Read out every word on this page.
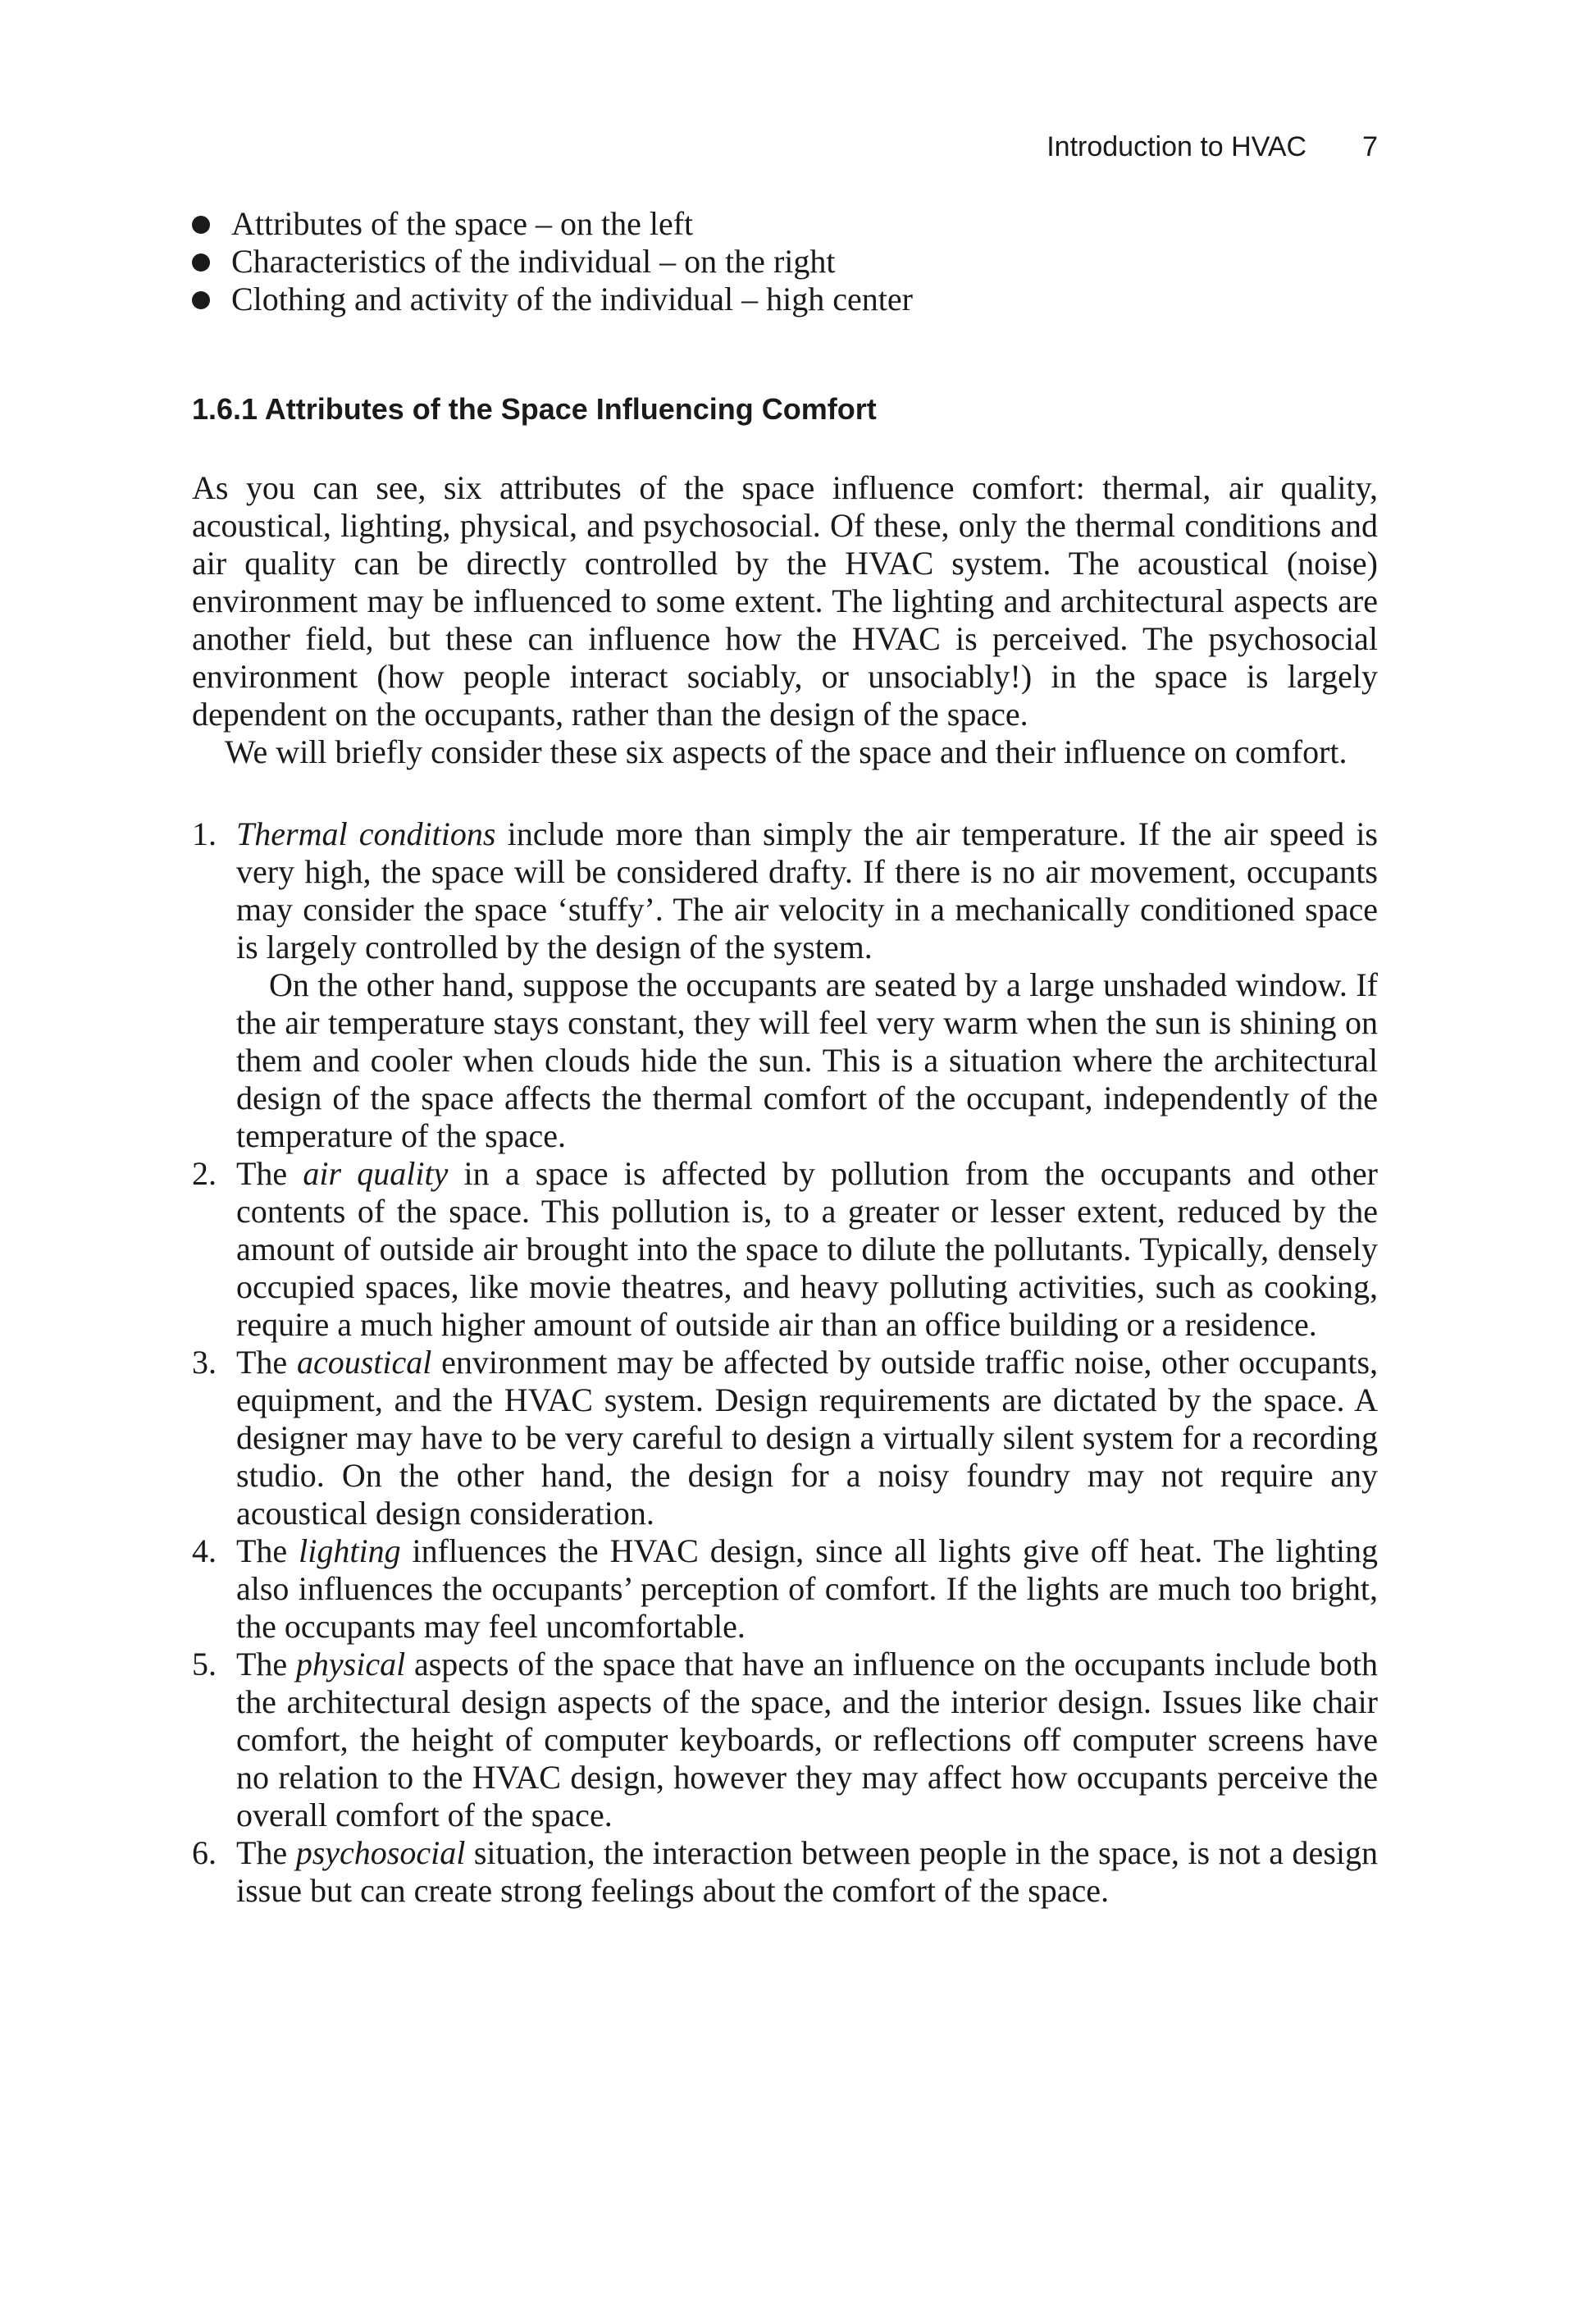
Introduction to HVAC 7
Attributes of the space – on the left
Characteristics of the individual – on the right
Clothing and activity of the individual – high center
1.6.1 Attributes of the Space Influencing Comfort

As you can see, six attributes of the space influence comfort: thermal, air quality, acoustical, lighting, physical, and psychosocial. Of these, only the thermal conditions and air quality can be directly controlled by the HVAC system. The acoustical (noise) environment may be influenced to some extent. The lighting and architectural aspects are another field, but these can influence how the HVAC is perceived. The psychosocial environment (how people interact sociably, or unsociably!) in the space is largely dependent on the occupants, rather than the design of the space.

We will briefly consider these six aspects of the space and their influence on comfort.

1. Thermal conditions include more than simply the air temperature. If the air speed is very high, the space will be considered drafty. If there is no air movement, occupants may consider the space ‘stuffy’. The air velocity in a mechanically conditioned space is largely controlled by the design of the system.

On the other hand, suppose the occupants are seated by a large unshaded window. If the air temperature stays constant, they will feel very warm when the sun is shining on them and cooler when clouds hide the sun. This is a situation where the architectural design of the space affects the thermal comfort of the occupant, independently of the temperature of the space.

2. The air quality in a space is affected by pollution from the occupants and other contents of the space. This pollution is, to a greater or lesser extent, reduced by the amount of outside air brought into the space to dilute the pollutants. Typically, densely occupied spaces, like movie theatres, and heavy polluting activities, such as cooking, require a much higher amount of outside air than an office building or a residence.

3. The acoustical environment may be affected by outside traffic noise, other occupants, equipment, and the HVAC system. Design requirements are dictated by the space. A designer may have to be very careful to design a virtually silent system for a recording studio. On the other hand, the design for a noisy foundry may not require any acoustical design consideration.

4. The lighting influences the HVAC design, since all lights give off heat. The lighting also influences the occupants’ perception of comfort. If the lights are much too bright, the occupants may feel uncomfortable.

5. The physical aspects of the space that have an influence on the occupants include both the architectural design aspects of the space, and the interior design. Issues like chair comfort, the height of computer keyboards, or reflections off computer screens have no relation to the HVAC design, however they may affect how occupants perceive the overall comfort of the space.

6. The psychosocial situation, the interaction between people in the space, is not a design issue but can create strong feelings about the comfort of the space.
